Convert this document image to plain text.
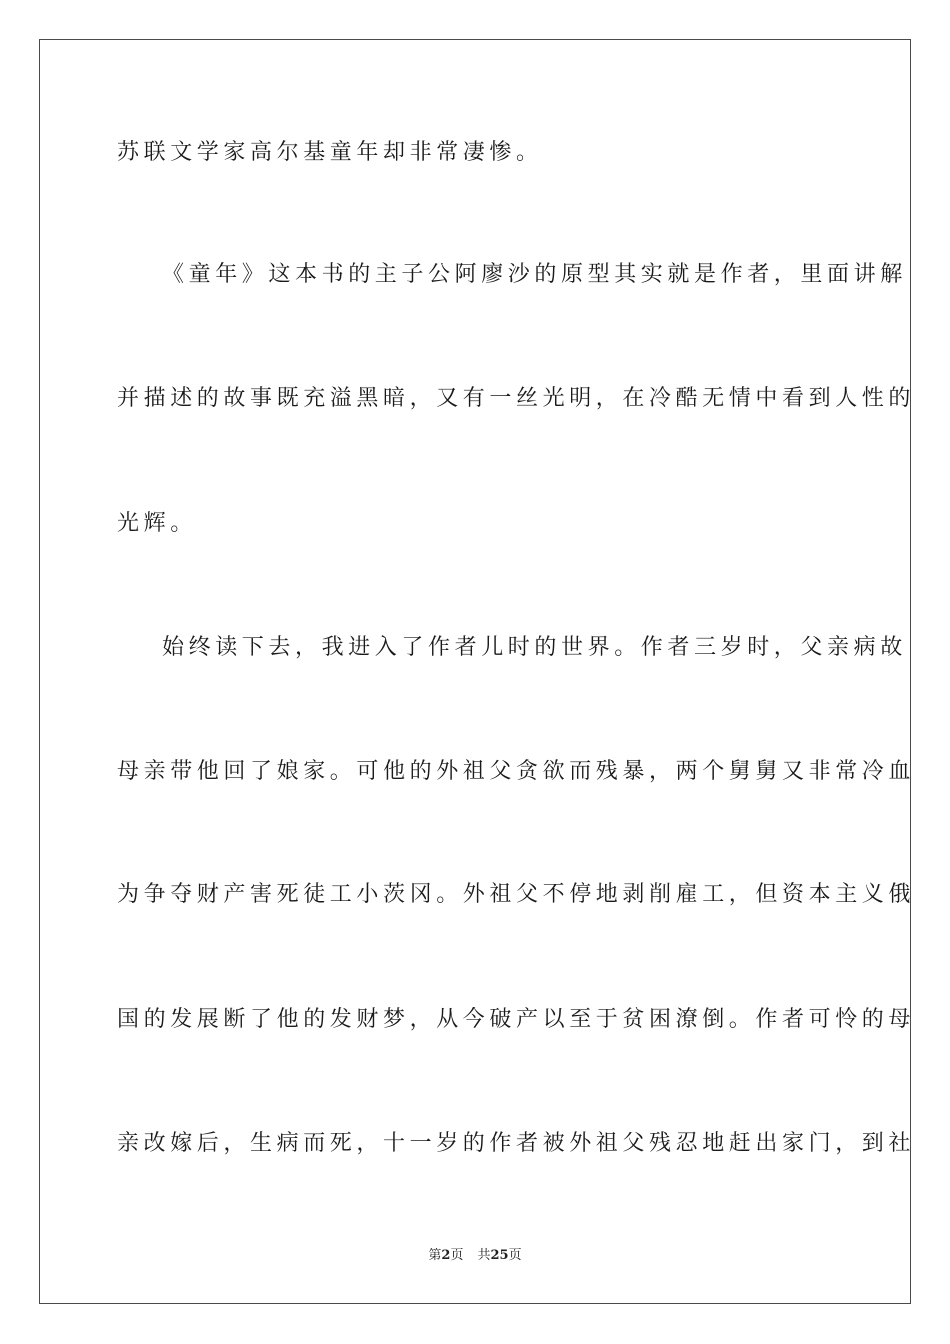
苏联文学家高尔基童年却非常凄惨。
《童年》这本书的主子公阿廖沙的原型其实就是作者，里面讲解
并描述的故事既充溢黑暗，又有一丝光明，在冷酷无情中看到人性的
光辉。
始终读下去，我进入了作者儿时的世界。作者三岁时，父亲病故
母亲带他回了娘家。可他的外祖父贪欲而残暴，两个舅舅又非常冷血
为争夺财产害死徒工小茨冈。外祖父不停地剥削雇工，但资本主义俄
国的发展断了他的发财梦，从今破产以至于贫困潦倒。作者可怜的母
亲改嫁后，生病而死，十一岁的作者被外祖父残忍地赶出家门，到社
第2页 共25页
